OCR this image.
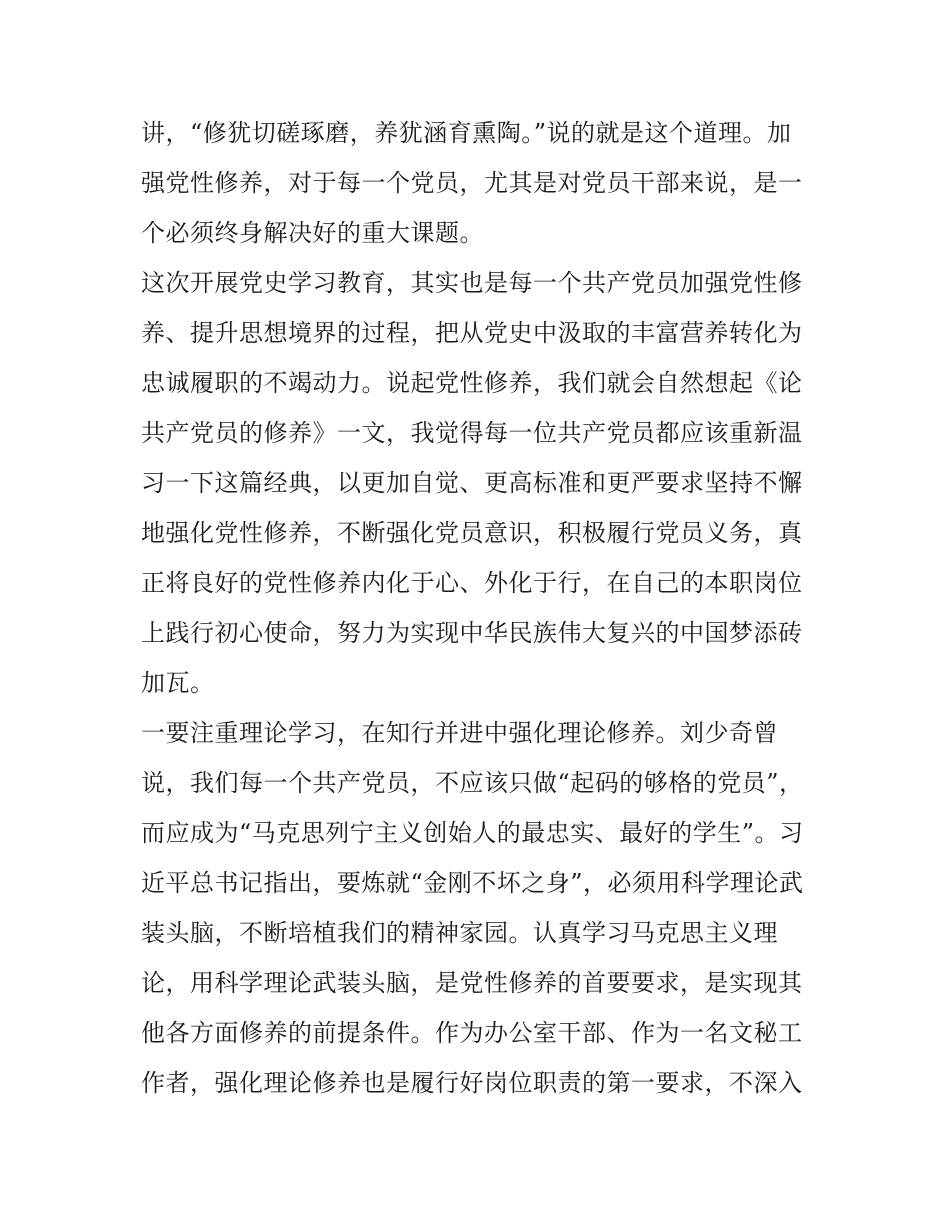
讲，“修犹切磋琢磨，养犹涵育熏陶。”说的就是这个道理。加
强党性修养，对于每一个党员，尤其是对党员干部来说，是一
个必须终身解决好的重大课题。
这次开展党史学习教育，其实也是每一个共产党员加强党性修
养、提升思想境界的过程，把从党史中汲取的丰富营养转化为
忠诚履职的不竭动力。说起党性修养，我们就会自然想起《论
共产党员的修养》一文，我觉得每一位共产党员都应该重新温
习一下这篇经典，以更加自觉、更高标准和更严要求坚持不懈
地强化党性修养，不断强化党员意识，积极履行党员义务，真
正将良好的党性修养内化于心、外化于行，在自己的本职岗位
上践行初心使命，努力为实现中华民族伟大复兴的中国梦添砖
加瓦。
一要注重理论学习，在知行并进中强化理论修养。刘少奇曾
说，我们每一个共产党员，不应该只做“起码的够格的党员”，
而应成为“马克思列宁主义创始人的最忠实、最好的学生”。习
近平总书记指出，要炼就“金刚不坏之身”，必须用科学理论武
装头脑，不断培植我们的精神家园。认真学习马克思主义理
论，用科学理论武装头脑，是党性修养的首要要求，是实现其
他各方面修养的前提条件。作为办公室干部、作为一名文秘工
作者，强化理论修养也是履行好岗位职责的第一要求，不深入
